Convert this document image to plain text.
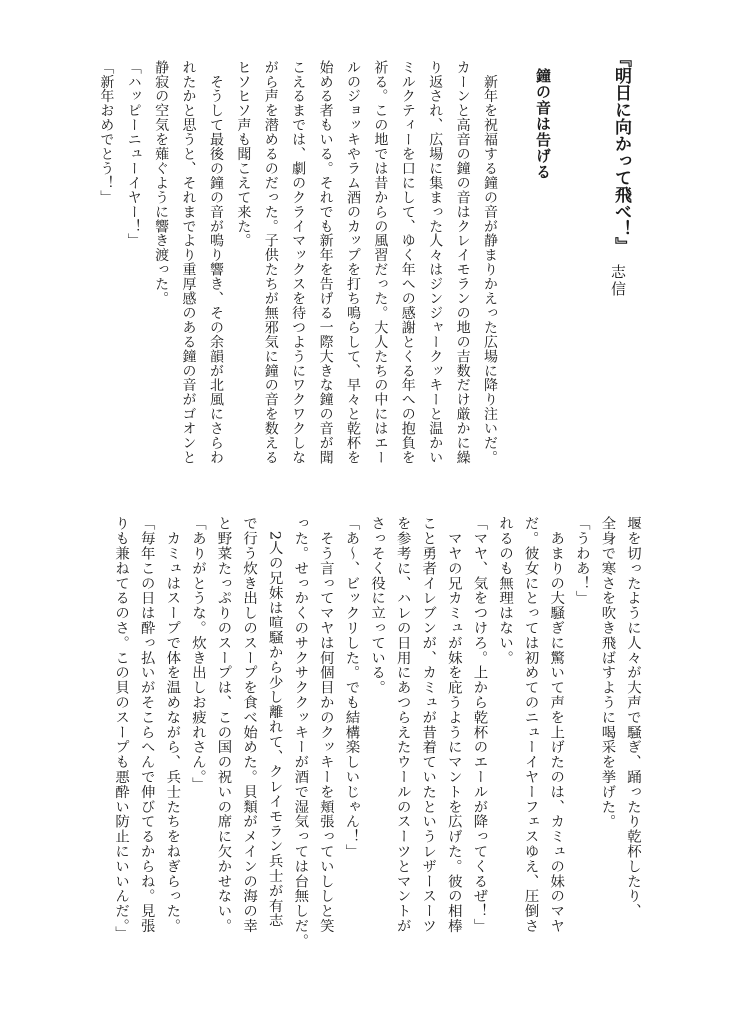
『明日に向かって飛べ！』
志信
鐘の音は告げる
　新年を祝福する鐘の音が静まりかえった広場に降り注いだ。
カーンと高音の鐘の音はクレイモランの地の吉数だけ厳かに繰
り返され、広場に集まった人々はジンジャークッキーと温かい
ミルクティーを口にして、ゆく年への感謝とくる年への抱負を
祈る。この地では昔からの風習だった。大人たちの中にはエー
ルのジョッキやラム酒のカップを打ち鳴らして、早々と乾杯を
始める者もいる。それでも新年を告げる一際大きな鐘の音が聞
こえるまでは、劇のクライマックスを待つようにワクワクしな
がら声を潜めるのだった。子供たちが無邪気に鐘の音を数える
ヒソヒソ声も聞こえて来た。
　そうして最後の鐘の音が鳴り響き、その余韻が北風にさらわ
れたかと思うと、それまでより重厚感のある鐘の音がゴオンと
静寂の空気を薙ぐように響き渡った。
「ハッピーニューイヤー！」
「新年おめでとう！」
堰を切ったように人々が大声で騒ぎ、踊ったり乾杯したり、
全身で寒さを吹き飛ばすように喝采を挙げた。
「うわあ！」
　あまりの大騒ぎに驚いて声を上げたのは、カミュの妹のマヤ
だ。彼女にとっては初めてのニューイヤーフェスゆえ、圧倒さ
れるのも無理はない。
「マヤ、気をつけろ。上から乾杯のエールが降ってくるぜ！」
　マヤの兄カミュが妹を庇うようにマントを広げた。彼の相棒
こと勇者イレブンが、カミュが昔着ていたというレザースーツ
を参考に、ハレの日用にあつらえたウールのスーツとマントが
さっそく役に立っている。
「あ～、ビックリした。でも結構楽しいじゃん！」
　そう言ってマヤは何個目かのクッキーを頬張っていししと笑
った。せっかくのサクサククッキーが酒で湿気っては台無しだ。
　2人の兄妹は喧騒から少し離れて、クレイモラン兵士が有志
で行う炊き出しのスープを食べ始めた。貝類がメインの海の幸
と野菜たっぷりのスープは、この国の祝いの席に欠かせない。
「ありがとうな。炊き出しお疲れさん。」
　カミュはスープで体を温めながら、兵士たちをねぎらった。
「毎年この日は酔っ払いがそこらへんで伸びてるからね。見張
りも兼ねてるのさ。この貝のスープも悪酔い防止にいいんだ。」
